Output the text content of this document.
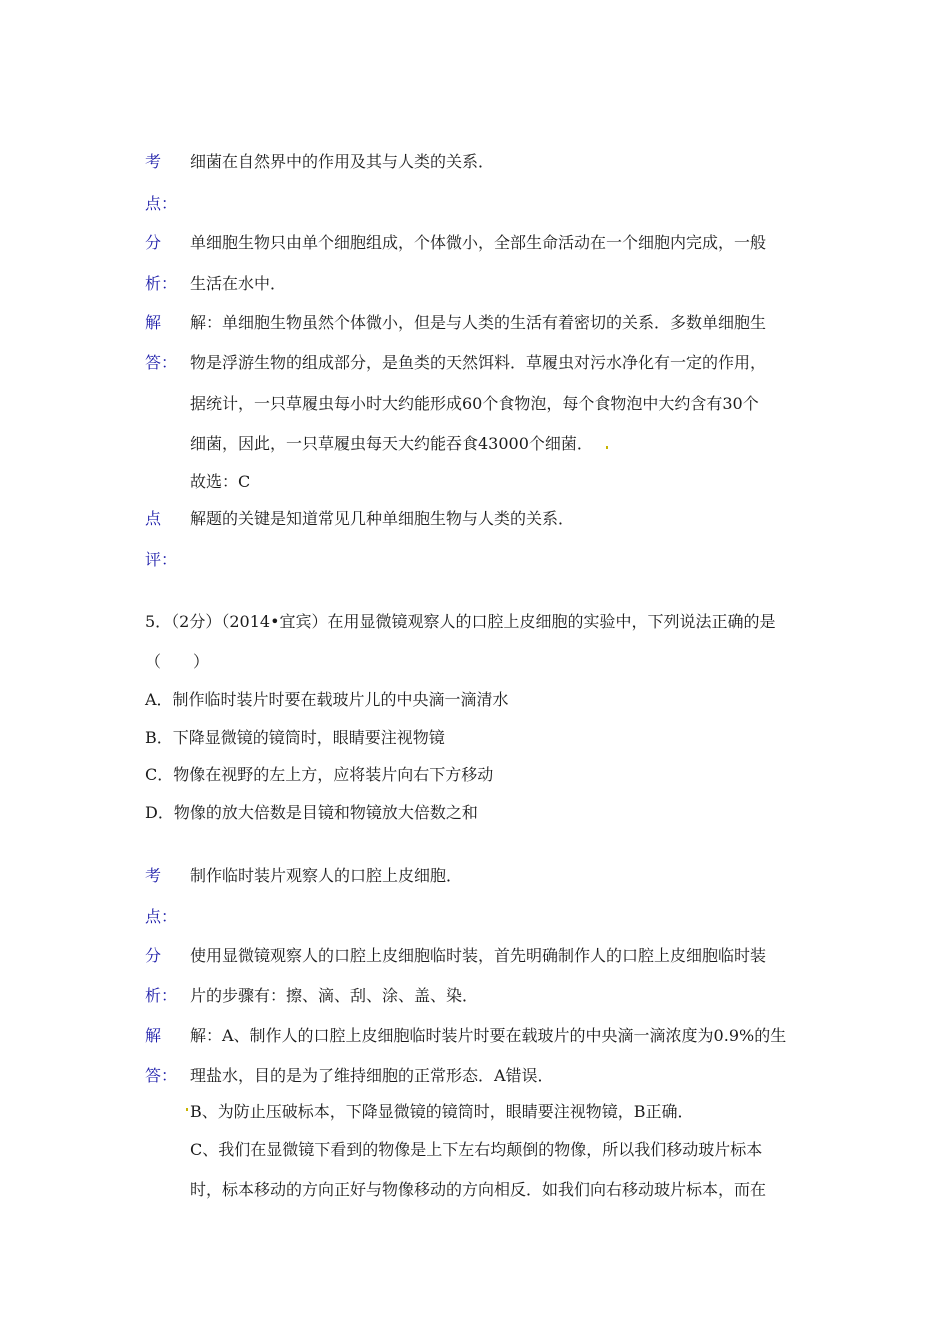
考
点：
细菌在自然界中的作用及其与人类的关系．
分
析：
单细胞生物只由单个细胞组成，个体微小，全部生命活动在一个细胞内完成，一般
生活在水中．
解
答：
解：单细胞生物虽然个体微小，但是与人类的生活有着密切的关系．多数单细胞生
物是浮游生物的组成部分，是鱼类的天然饵料．草履虫对污水净化有一定的作用，
据统计，一只草履虫每小时大约能形成60个食物泡，每个食物泡中大约含有30个
细菌，因此，一只草履虫每天大约能吞食43000个细菌．
故选：C
点
评：
解题的关键是知道常见几种单细胞生物与人类的关系．
5．（2分）（2014•宜宾）在用显微镜观察人的口腔上皮细胞的实验中，下列说法正确的是
（　　）
A．制作临时装片时要在载玻片儿的中央滴一滴清水
B．下降显微镜的镜筒时，眼睛要注视物镜
C．物像在视野的左上方，应将装片向右下方移动
D．物像的放大倍数是目镜和物镜放大倍数之和
考
点：
制作临时装片观察人的口腔上皮细胞．
分
析：
使用显微镜观察人的口腔上皮细胞临时装，首先明确制作人的口腔上皮细胞临时装
片的步骤有：擦、滴、刮、涂、盖、染．
解
答：
解：A、制作人的口腔上皮细胞临时装片时要在载玻片的中央滴一滴浓度为0.9%的生
理盐水，目的是为了维持细胞的正常形态．A错误．
B、为防止压破标本，下降显微镜的镜筒时，眼睛要注视物镜，B正确．
C、我们在显微镜下看到的物像是上下左右均颠倒的物像，所以我们移动玻片标本
时，标本移动的方向正好与物像移动的方向相反．如我们向右移动玻片标本，而在
